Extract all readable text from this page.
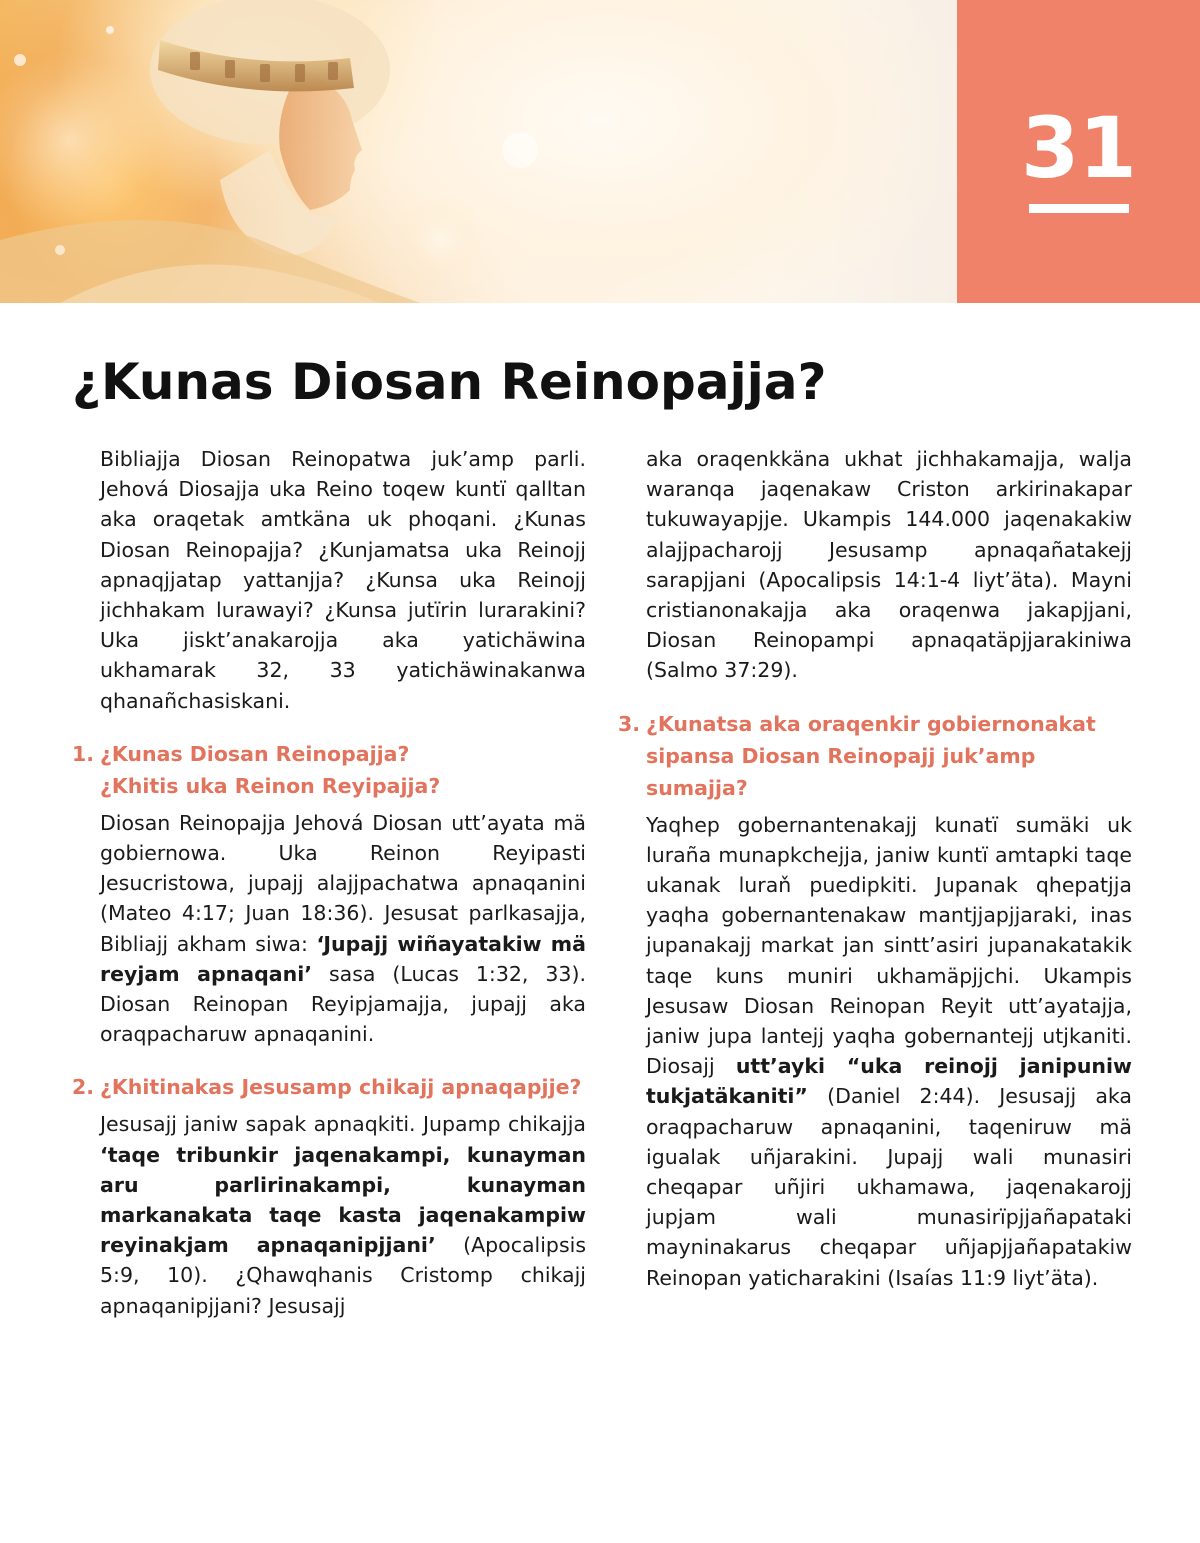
31
¿Kunas Diosan Reinopajja?

Bibliajja Diosan Reinopatwa juk’amp parli. Jehová Diosajja uka Reino toqew kuntï qalltan aka oraqetak amtkäna uk phoqani. ¿Kunas Diosan Reinopajja? ¿Kunjamatsa uka Reinojj apnaqjjatap yattanjja? ¿Kunsa uka Reinojj jichhakam lurawayi? ¿Kunsa jutïrin lurarakini? Uka jiskt’anakarojja aka yatichäwina ukhamarak 32, 33 yatichäwinakanwa qhanañchasiskani.

1. ¿Kunas Diosan Reinopajja?
¿Khitis uka Reinon Reyipajja?

Diosan Reinopajja Jehová Diosan utt’ayata mä gobiernowa. Uka Reinon Reyipasti Jesucristowa, jupajj alajjpachatwa apnaqanini (Mateo 4:17; Juan 18:36). Jesusat parlkasajja, Bibliajj akham siwa: ‘Jupajj wiñayatakiw mä reyjam apnaqani’ sasa (Lucas 1:32, 33). Diosan Reinopan Reyipjamajja, jupajj aka oraqpacharuw apnaqanini.

2. ¿Khitinakas Jesusamp chikajj apnaqapjje?

Jesusajj janiw sapak apnaqkiti. Jupamp chikajja ‘taqe tribunkir jaqenakampi, kunayman aru parlirinakampi, kunayman markanakata taqe kasta jaqenakampiw reyinakjam apnaqanipjjani’ (Apocalipsis 5:9, 10). ¿Qhawqhanis Cristomp chikajj apnaqanipjjani? Jesusajj

aka oraqenkkäna ukhat jichhakamajja, walja waranqa jaqenakaw Criston arkirinakapar tukuwayapjje. Ukampis 144.000 jaqenakakiw alajjpacharojj Jesusamp apnaqañatakejj sarapjjani (Apocalipsis 14:1-4 liyt’äta). Mayni cristianonakajja aka oraqenwa jakapjjani, Diosan Reinopampi apnaqatäpjjarakiniwa (Salmo 37:29).

3. ¿Kunatsa aka oraqenkir gobiernonakat
sipansa Diosan Reinopajj juk’amp sumajja?

Yaqhep gobernantenakajj kunatï sumäki uk luraña munapkchejja, janiw kuntï amtapki taqe ukanak luraň puedipkiti. Jupanak qhepatjja yaqha gobernantenakaw mantjjapjjaraki, inas jupanakajj markat jan sintt’asiri jupanakatakik taqe kuns muniri ukhamäpjjchi. Ukampis Jesusaw Diosan Reinopan Reyit utt’ayatajja, janiw jupa lantejj yaqha gobernantejj utjkaniti. Diosajj utt’ayki “uka reinojj janipuniw tukjatäkaniti” (Daniel 2:44). Jesusajj aka oraqpacharuw apnaqanini, taqeniruw mä igualak uñjarakini. Jupajj wali munasiri cheqapar uñjiri ukhamawa, jaqenakarojj jupjam wali munasirïpjjañapataki mayninakarus cheqapar uñjapjjañapatakiw Reinopan yaticharakini (Isaías 11:9 liyt’äta).
